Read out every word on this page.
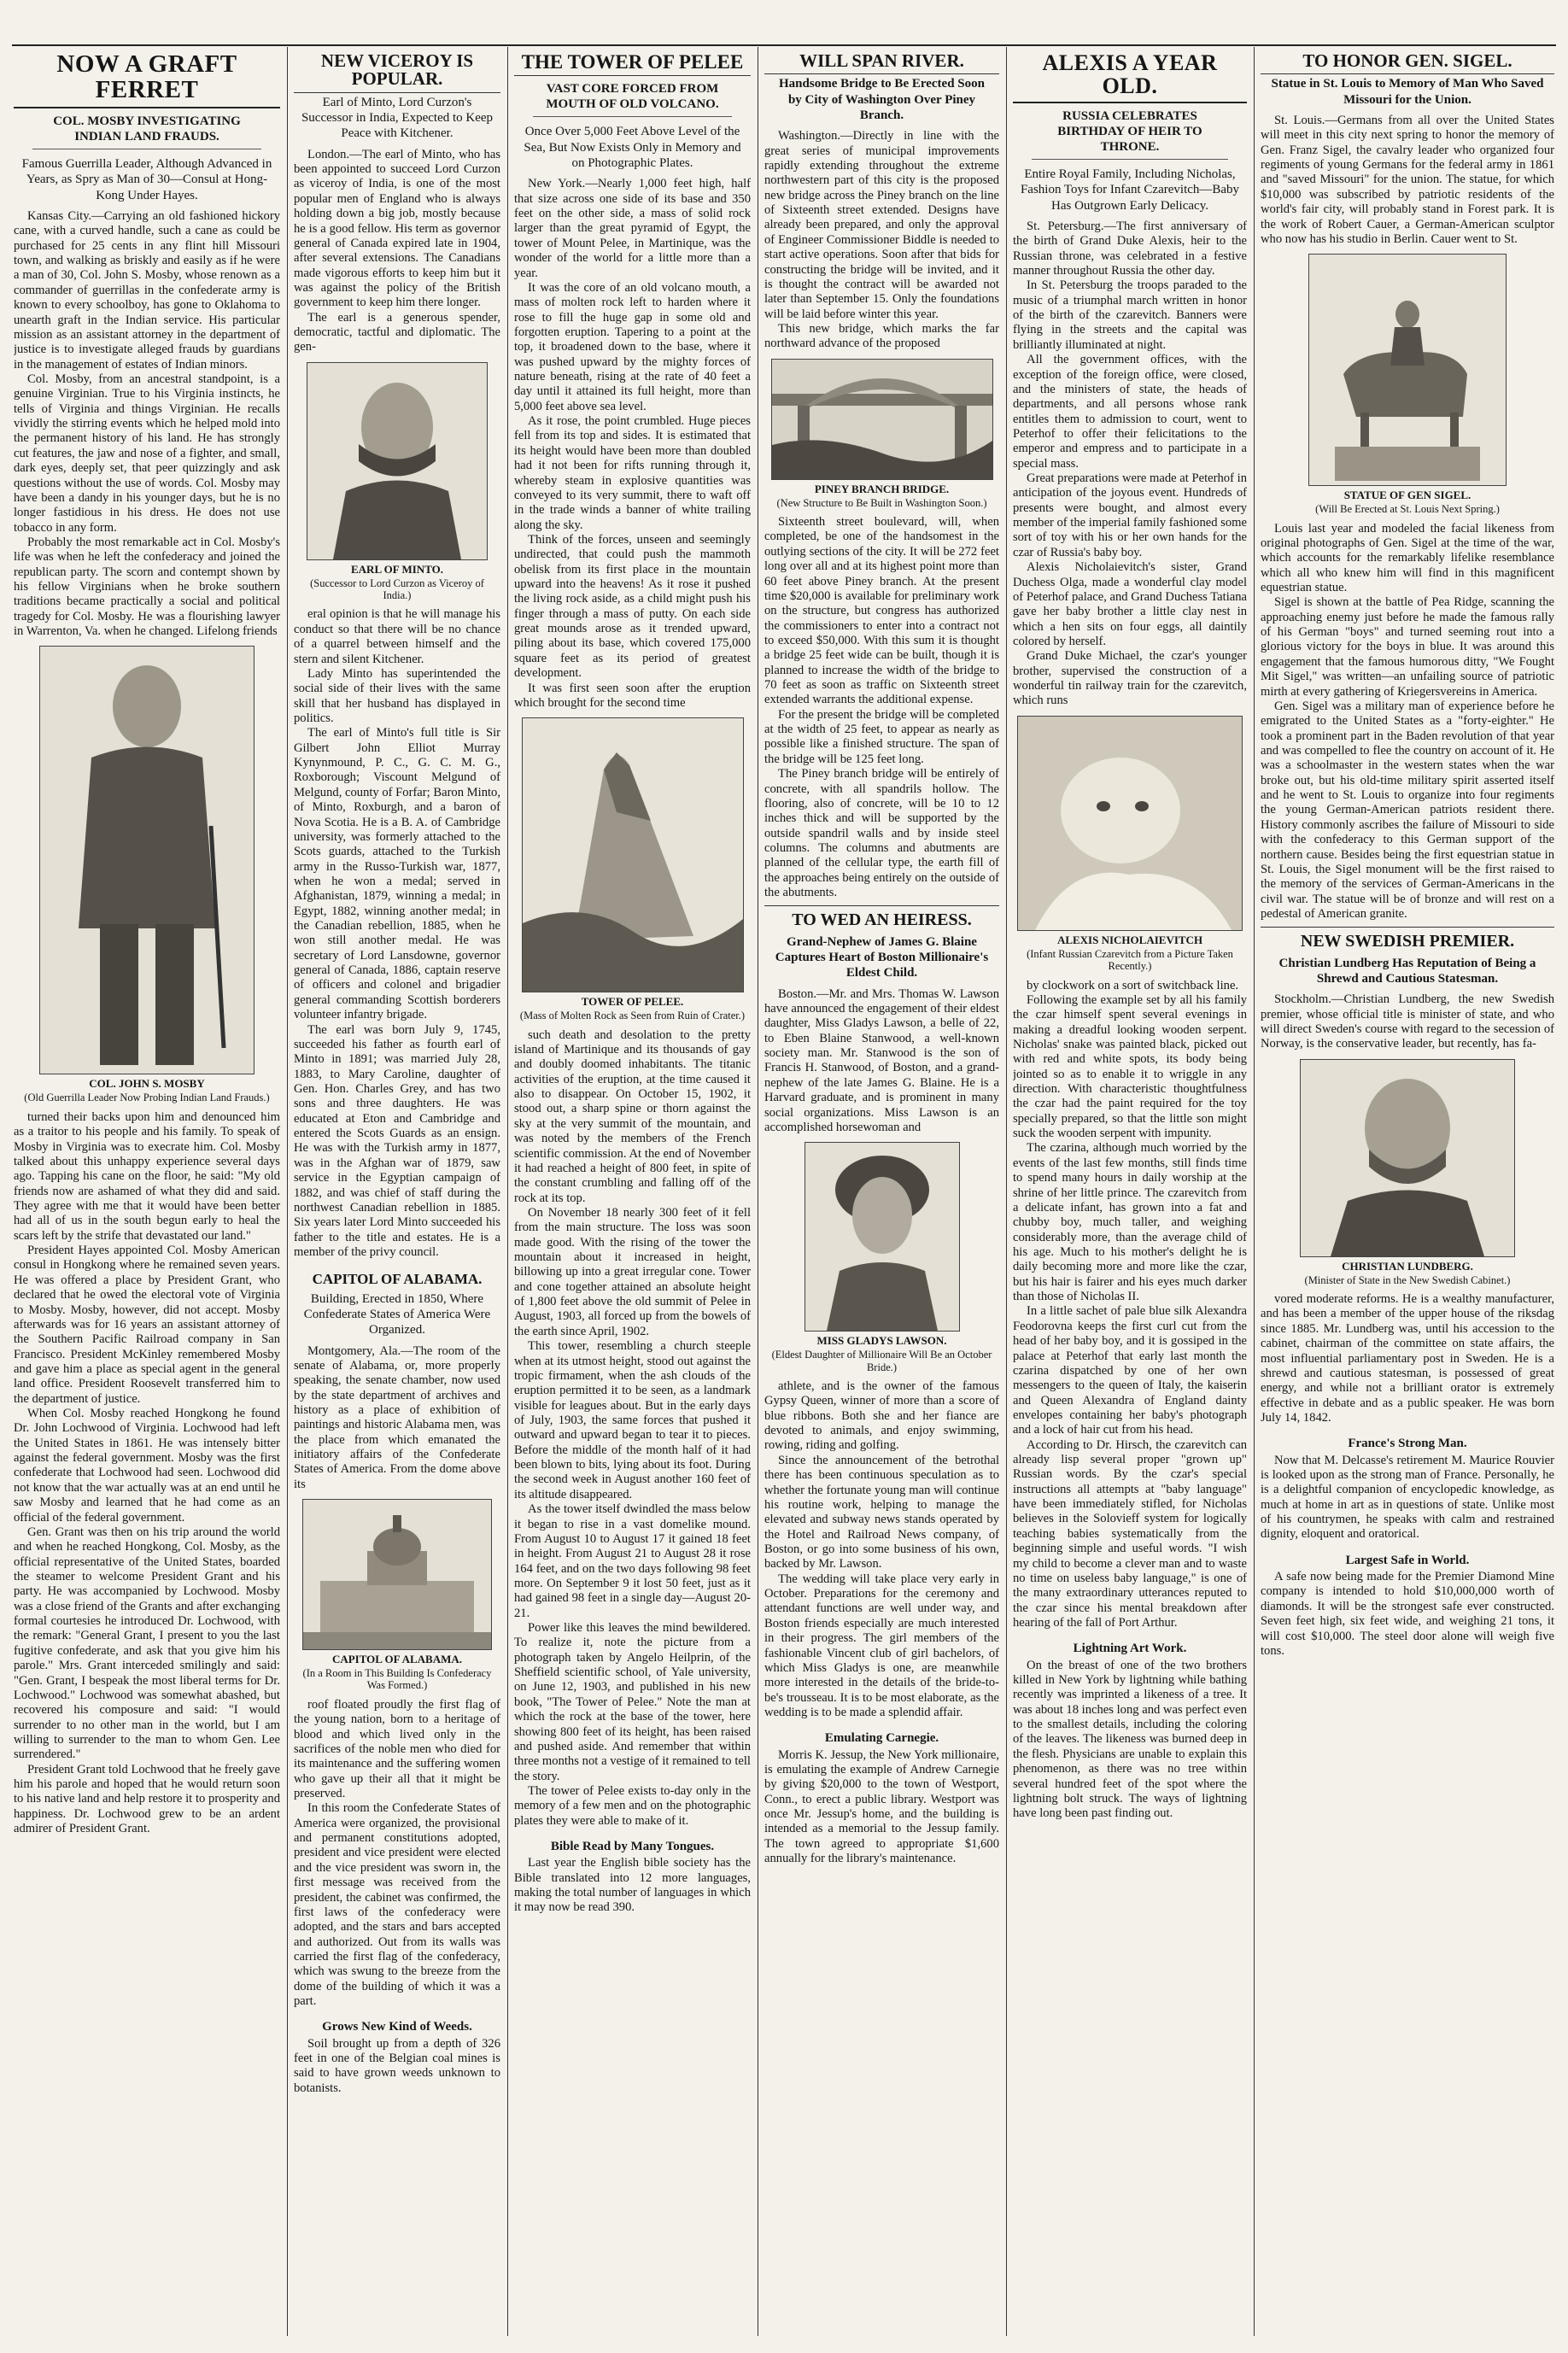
NOW A GRAFT FERRET
COL. MOSBY INVESTIGATING INDIAN LAND FRAUDS.
Famous Guerrilla Leader, Although Advanced in Years, as Spry as Man of 30—Consul at Hong-Kong Under Hayes.

Kansas City.—Carrying an old fashioned hickory cane, with a curved handle, such a cane as could be purchased for 25 cents in any flint hill Missouri town, and walking as briskly and easily as if he were a man of 30, Col. John S. Mosby, whose renown as a commander of guerrillas in the confederate army is known to every schoolboy, has gone to Oklahoma to unearth graft in the Indian service. His particular mission as an assistant attorney in the department of justice is to investigate alleged frauds by guardians in the management of estates of Indian minors.

Col. Mosby, from an ancestral standpoint, is a genuine Virginian. True to his Virginia instincts, he tells of Virginia and things Virginian. He recalls vividly the stirring events which he helped mold into the permanent history of his land. He has strongly cut features, the jaw and nose of a fighter, and small, dark eyes, deeply set, that peer quizzingly and ask questions without the use of words. Col. Mosby may have been a dandy in his younger days, but he is no longer fastidious in his dress. He does not use tobacco in any form.

Probably the most remarkable act in Col. Mosby's life was when he left the confederacy and joined the republican party. The scorn and contempt shown by his fellow Virginians when he broke southern traditions became practically a social and political tragedy for Col. Mosby. He was a flourishing lawyer in Warrenton, Va. when he changed. Lifelong friends

COL. JOHN S. MOSBY
(Old Guerrilla Leader Now Probing Indian Land Frauds.)

turned their backs upon him and denounced him as a traitor to his people and his family. To speak of Mosby in Virginia was to execrate him. Col. Mosby talked about this unhappy experience several days ago. Tapping his cane on the floor, he said: "My old friends now are ashamed of what they did and said. They agree with me that it would have been better had all of us in the south begun early to heal the scars left by the strife that devastated our land."

President Hayes appointed Col. Mosby American consul in Hongkong where he remained seven years. He was offered a place by President Grant, who declared that he owed the electoral vote of Virginia to Mosby. Mosby, however, did not accept. Mosby afterwards was for 16 years an assistant attorney of the Southern Pacific Railroad company in San Francisco. President McKinley remembered Mosby and gave him a place as special agent in the general land office. President Roosevelt transferred him to the department of justice.

When Col. Mosby reached Hongkong he found Dr. John Lochwood of Virginia. Lochwood had left the United States in 1861. He was intensely bitter against the federal government. Mosby was the first confederate that Lochwood had seen. Lochwood did not know that the war actually was at an end until he saw Mosby and learned that he had come as an official of the federal government.

Gen. Grant was then on his trip around the world and when he reached Hongkong, Col. Mosby, as the official representative of the United States, boarded the steamer to welcome President Grant and his party. He was accompanied by Lochwood. Mosby was a close friend of the Grants and after exchanging formal courtesies he introduced Dr. Lochwood, with the remark: "General Grant, I present to you the last fugitive confederate, and ask that you give him his parole." Mrs. Grant interceded smilingly and said: "Gen. Grant, I bespeak the most liberal terms for Dr. Lochwood." Lochwood was somewhat abashed, but recovered his composure and said: "I would surrender to no other man in the world, but I am willing to surrender to the man to whom Gen. Lee surrendered."

President Grant told Lochwood that he freely gave him his parole and hoped that he would return soon to his native land and help restore it to prosperity and happiness. Dr. Lochwood grew to be an ardent admirer of President Grant.

NEW VICEROY IS POPULAR.
Earl of Minto, Lord Curzon's Successor in India, Expected to Keep Peace with Kitchener.

London.—The earl of Minto, who has been appointed to succeed Lord Curzon as viceroy of India, is one of the most popular men of England who is always holding down a big job, mostly because he is a good fellow. His term as governor general of Canada expired late in 1904, after several extensions. The Canadians made vigorous efforts to keep him but it was against the policy of the British government to keep him there longer.

The earl is a generous spender, democratic, tactful and diplomatic. The gen-

EARL OF MINTO.
(Successor to Lord Curzon as Viceroy of India.)

eral opinion is that he will manage his conduct so that there will be no chance of a quarrel between himself and the stern and silent Kitchener.

Lady Minto has superintended the social side of their lives with the same skill that her husband has displayed in politics.

The earl of Minto's full title is Sir Gilbert John Elliot Murray Kynynmound, P. C., G. C. M. G., Roxborough; Viscount Melgund of Melgund, county of Forfar; Baron Minto, of Minto, Roxburgh, and a baron of Nova Scotia. He is a B. A. of Cambridge university, was formerly attached to the Scots guards, attached to the Turkish army in the Russo-Turkish war, 1877, when he won a medal; served in Afghanistan, 1879, winning a medal; in Egypt, 1882, winning another medal; in the Canadian rebellion, 1885, when he won still another medal. He was secretary of Lord Lansdowne, governor general of Canada, 1886, captain reserve of officers and colonel and brigadier general commanding Scottish borderers volunteer infantry brigade.

The earl was born July 9, 1745, succeeded his father as fourth earl of Minto in 1891; was married July 28, 1883, to Mary Caroline, daughter of Gen. Hon. Charles Grey, and has two sons and three daughters. He was educated at Eton and Cambridge and entered the Scots Guards as an ensign. He was with the Turkish army in 1877, was in the Afghan war of 1879, saw service in the Egyptian campaign of 1882, and was chief of staff during the northwest Canadian rebellion in 1885. Six years later Lord Minto succeeded his father to the title and estates. He is a member of the privy council.

CAPITOL OF ALABAMA.
Building, Erected in 1850, Where Confederate States of America Were Organized.

Montgomery, Ala.—The room of the senate of Alabama, or, more properly speaking, the senate chamber, now used by the state department of archives and history as a place of exhibition of paintings and historic Alabama men, was the place from which emanated the initiatory affairs of the Confederate States of America. From the dome above its

CAPITOL OF ALABAMA.
(In a Room in This Building Is Confederacy Was Formed.)

roof floated proudly the first flag of the young nation, born to a heritage of blood and which lived only in the sacrifices of the noble men who died for its maintenance and the suffering women who gave up their all that it might be preserved.

In this room the Confederate States of America were organized, the provisional and permanent constitutions adopted, president and vice president were elected and the vice president was sworn in, the first message was received from the president, the cabinet was confirmed, the first laws of the confederacy were adopted, and the stars and bars accepted and authorized. Out from its walls was carried the first flag of the confederacy, which was swung to the breeze from the dome of the building of which it was a part.

Grows New Kind of Weeds.

Soil brought up from a depth of 326 feet in one of the Belgian coal mines is said to have grown weeds unknown to botanists.

THE TOWER OF PELEE
VAST CORE FORCED FROM MOUTH OF OLD VOLCANO.
Once Over 5,000 Feet Above Level of the Sea, But Now Exists Only in Memory and on Photographic Plates.

New York.—Nearly 1,000 feet high, half that size across one side of its base and 350 feet on the other side, a mass of solid rock larger than the great pyramid of Egypt, the tower of Mount Pelee, in Martinique, was the wonder of the world for a little more than a year.

It was the core of an old volcano mouth, a mass of molten rock left to harden where it rose to fill the huge gap in some old and forgotten eruption. Tapering to a point at the top, it broadened down to the base, where it was pushed upward by the mighty forces of nature beneath, rising at the rate of 40 feet a day until it attained its full height, more than 5,000 feet above sea level.

As it rose, the point crumbled. Huge pieces fell from its top and sides. It is estimated that its height would have been more than doubled had it not been for rifts running through it, whereby steam in explosive quantities was conveyed to its very summit, there to waft off in the trade winds a banner of white trailing along the sky.

Think of the forces, unseen and seemingly undirected, that could push the mammoth obelisk from its first place in the mountain upward into the heavens! As it rose it pushed the living rock aside, as a child might push his finger through a mass of putty. On each side great mounds arose as it trended upward, piling about its base, which covered 175,000 square feet as its period of greatest development.

It was first seen soon after the eruption which brought for the second time

TOWER OF PELEE.
(Mass of Molten Rock as Seen from Ruin of Crater.)

such death and desolation to the pretty island of Martinique and its thousands of gay and doubly doomed inhabitants. The titanic activities of the eruption, at the time caused it also to disappear. On October 15, 1902, it stood out, a sharp spine or thorn against the sky at the very summit of the mountain, and was noted by the members of the French scientific commission. At the end of November it had reached a height of 800 feet, in spite of the constant crumbling and falling off of the rock at its top.

On November 18 nearly 300 feet of it fell from the main structure. The loss was soon made good. With the rising of the tower the mountain about it increased in height, billowing up into a great irregular cone. Tower and cone together attained an absolute height of 1,800 feet above the old summit of Pelee in August, 1903, all forced up from the bowels of the earth since April, 1902.

This tower, resembling a church steeple when at its utmost height, stood out against the tropic firmament, when the ash clouds of the eruption permitted it to be seen, as a landmark visible for leagues about. But in the early days of July, 1903, the same forces that pushed it outward and upward began to tear it to pieces. Before the middle of the month half of it had been blown to bits, lying about its foot. During the second week in August another 160 feet of its altitude disappeared.

As the tower itself dwindled the mass below it began to rise in a vast domelike mound. From August 10 to August 17 it gained 18 feet in height. From August 21 to August 28 it rose 164 feet, and on the two days following 98 feet more. On September 9 it lost 50 feet, just as it had gained 98 feet in a single day—August 20-21.

Power like this leaves the mind bewildered. To realize it, note the picture from a photograph taken by Angelo Heilprin, of the Sheffield scientific school, of Yale university, on June 12, 1903, and published in his new book, "The Tower of Pelee." Note the man at which the rock at the base of the tower, here showing 800 feet of its height, has been raised and pushed aside. And remember that within three months not a vestige of it remained to tell the story.

The tower of Pelee exists to-day only in the memory of a few men and on the photographic plates they were able to make of it.

Bible Read by Many Tongues.

Last year the English bible society has the Bible translated into 12 more languages, making the total number of languages in which it may now be read 390.

WILL SPAN RIVER.
Handsome Bridge to Be Erected Soon by City of Washington Over Piney Branch.

Washington.—Directly in line with the great series of municipal improvements rapidly extending throughout the extreme northwestern part of this city is the proposed new bridge across the Piney branch on the line of Sixteenth street extended. Designs have already been prepared, and only the approval of Engineer Commissioner Biddle is needed to start active operations. Soon after that bids for constructing the bridge will be invited, and it is thought the contract will be awarded not later than September 15. Only the foundations will be laid before winter this year.

This new bridge, which marks the far northward advance of the proposed

PINEY BRANCH BRIDGE.
(New Structure to Be Built in Washington Soon.)

Sixteenth street boulevard, will, when completed, be one of the handsomest in the outlying sections of the city. It will be 272 feet long over all and at its highest point more than 60 feet above Piney branch. At the present time $20,000 is available for preliminary work on the structure, but congress has authorized the commissioners to enter into a contract not to exceed $50,000. With this sum it is thought a bridge 25 feet wide can be built, though it is planned to increase the width of the bridge to 70 feet as soon as traffic on Sixteenth street extended warrants the additional expense.

For the present the bridge will be completed at the width of 25 feet, to appear as nearly as possible like a finished structure. The span of the bridge will be 125 feet long.

The Piney branch bridge will be entirely of concrete, with all spandrils hollow. The flooring, also of concrete, will be 10 to 12 inches thick and will be supported by the outside spandril walls and by inside steel columns. The columns and abutments are planned of the cellular type, the earth fill of the approaches being entirely on the outside of the abutments.

TO WED AN HEIRESS.
Grand-Nephew of James G. Blaine Captures Heart of Boston Millionaire's Eldest Child.

Boston.—Mr. and Mrs. Thomas W. Lawson have announced the engagement of their eldest daughter, Miss Gladys Lawson, a belle of 22, to Eben Blaine Stanwood, a well-known society man. Mr. Stanwood is the son of Francis H. Stanwood, of Boston, and a grand-nephew of the late James G. Blaine. He is a Harvard graduate, and is prominent in many social organizations. Miss Lawson is an accomplished horsewoman and

MISS GLADYS LAWSON.
(Eldest Daughter of Millionaire Will Be an October Bride.)

athlete, and is the owner of the famous Gypsy Queen, winner of more than a score of blue ribbons. Both she and her fiance are devoted to animals, and enjoy swimming, rowing, riding and golfing.

Since the announcement of the betrothal there has been continuous speculation as to whether the fortunate young man will continue his routine work, helping to manage the elevated and subway news stands operated by the Hotel and Railroad News company, of Boston, or go into some business of his own, backed by Mr. Lawson.

The wedding will take place very early in October. Preparations for the ceremony and attendant functions are well under way, and Boston friends especially are much interested in their progress. The girl members of the fashionable Vincent club of girl bachelors, of which Miss Gladys is one, are meanwhile more interested in the details of the bride-to-be's trousseau. It is to be most elaborate, as the wedding is to be made a splendid affair.

Emulating Carnegie.

Morris K. Jessup, the New York millionaire, is emulating the example of Andrew Carnegie by giving $20,000 to the town of Westport, Conn., to erect a public library. Westport was once Mr. Jessup's home, and the building is intended as a memorial to the Jessup family. The town agreed to appropriate $1,600 annually for the library's maintenance.

ALEXIS A YEAR OLD.
RUSSIA CELEBRATES BIRTHDAY OF HEIR TO THRONE.
Entire Royal Family, Including Nicholas, Fashion Toys for Infant Czarevitch—Baby Has Outgrown Early Delicacy.

St. Petersburg.—The first anniversary of the birth of Grand Duke Alexis, heir to the Russian throne, was celebrated in a festive manner throughout Russia the other day.

In St. Petersburg the troops paraded to the music of a triumphal march written in honor of the birth of the czarevitch. Banners were flying in the streets and the capital was brilliantly illuminated at night.

All the government offices, with the exception of the foreign office, were closed, and the ministers of state, the heads of departments, and all persons whose rank entitles them to admission to court, went to Peterhof to offer their felicitations to the emperor and empress and to participate in a special mass.

Great preparations were made at Peterhof in anticipation of the joyous event. Hundreds of presents were bought, and almost every member of the imperial family fashioned some sort of toy with his or her own hands for the czar of Russia's baby boy.

Alexis Nicholaievitch's sister, Grand Duchess Olga, made a wonderful clay model of Peterhof palace, and Grand Duchess Tatiana gave her baby brother a little clay nest in which a hen sits on four eggs, all daintily colored by herself.

Grand Duke Michael, the czar's younger brother, supervised the construction of a wonderful tin railway train for the czarevitch, which runs

ALEXIS NICHOLAIEVITCH
(Infant Russian Czarevitch from a Picture Taken Recently.)

by clockwork on a sort of switchback line.

Following the example set by all his family the czar himself spent several evenings in making a dreadful looking wooden serpent. Nicholas' snake was painted black, picked out with red and white spots, its body being jointed so as to enable it to wriggle in any direction. With characteristic thoughtfulness the czar had the paint required for the toy specially prepared, so that the little son might suck the wooden serpent with impunity.

The czarina, although much worried by the events of the last few months, still finds time to spend many hours in daily worship at the shrine of her little prince. The czarevitch from a delicate infant, has grown into a fat and chubby boy, much taller, and weighing considerably more, than the average child of his age. Much to his mother's delight he is daily becoming more and more like the czar, but his hair is fairer and his eyes much darker than those of Nicholas II.

In a little sachet of pale blue silk Alexandra Feodorovna keeps the first curl cut from the head of her baby boy, and it is gossiped in the palace at Peterhof that early last month the czarina dispatched by one of her own messengers to the queen of Italy, the kaiserin and Queen Alexandra of England dainty envelopes containing her baby's photograph and a lock of hair cut from his head.

According to Dr. Hirsch, the czarevitch can already lisp several proper "grown up" Russian words. By the czar's special instructions all attempts at "baby language" have been immediately stifled, for Nicholas believes in the Solovieff system for logically teaching babies systematically from the beginning simple and useful words. "I wish my child to become a clever man and to waste no time on useless baby language," is one of the many extraordinary utterances reputed to the czar since his mental breakdown after hearing of the fall of Port Arthur.

Lightning Art Work.

On the breast of one of the two brothers killed in New York by lightning while bathing recently was imprinted a likeness of a tree. It was about 18 inches long and was perfect even to the smallest details, including the coloring of the leaves. The likeness was burned deep in the flesh. Physicians are unable to explain this phenomenon, as there was no tree within several hundred feet of the spot where the lightning bolt struck. The ways of lightning have long been past finding out.

TO HONOR GEN. SIGEL.
Statue in St. Louis to Memory of Man Who Saved Missouri for the Union.

St. Louis.—Germans from all over the United States will meet in this city next spring to honor the memory of Gen. Franz Sigel, the cavalry leader who organized four regiments of young Germans for the federal army in 1861 and "saved Missouri" for the union. The statue, for which $10,000 was subscribed by patriotic residents of the world's fair city, will probably stand in Forest park. It is the work of Robert Cauer, a German-American sculptor who now has his studio in Berlin. Cauer went to St.

STATUE OF GEN SIGEL.
(Will Be Erected at St. Louis Next Spring.)

Louis last year and modeled the facial likeness from original photographs of Gen. Sigel at the time of the war, which accounts for the remarkably lifelike resemblance which all who knew him will find in this magnificent equestrian statue.

Sigel is shown at the battle of Pea Ridge, scanning the approaching enemy just before he made the famous rally of his German "boys" and turned seeming rout into a glorious victory for the boys in blue. It was around this engagement that the famous humorous ditty, "We Fought Mit Sigel," was written—an unfailing source of patriotic mirth at every gathering of Kriegersvereins in America.

Gen. Sigel was a military man of experience before he emigrated to the United States as a "forty-eighter." He took a prominent part in the Baden revolution of that year and was compelled to flee the country on account of it. He was a schoolmaster in the western states when the war broke out, but his old-time military spirit asserted itself and he went to St. Louis to organize into four regiments the young German-American patriots resident there. History commonly ascribes the failure of Missouri to side with the confederacy to this German support of the northern cause. Besides being the first equestrian statue in St. Louis, the Sigel monument will be the first raised to the memory of the services of German-Americans in the civil war. The statue will be of bronze and will rest on a pedestal of American granite.

NEW SWEDISH PREMIER.
Christian Lundberg Has Reputation of Being a Shrewd and Cautious Statesman.

Stockholm.—Christian Lundberg, the new Swedish premier, whose official title is minister of state, and who will direct Sweden's course with regard to the secession of Norway, is the conservative leader, but recently, has fa-

CHRISTIAN LUNDBERG.
(Minister of State in the New Swedish Cabinet.)

vored moderate reforms. He is a wealthy manufacturer, and has been a member of the upper house of the riksdag since 1885. Mr. Lundberg was, until his accession to the cabinet, chairman of the committee on state affairs, the most influential parliamentary post in Sweden. He is a shrewd and cautious statesman, is possessed of great energy, and while not a brilliant orator is extremely effective in debate and as a public speaker. He was born July 14, 1842.

France's Strong Man.

Now that M. Delcasse's retirement M. Maurice Rouvier is looked upon as the strong man of France. Personally, he is a delightful companion of encyclopedic knowledge, as much at home in art as in questions of state. Unlike most of his countrymen, he speaks with calm and restrained dignity, eloquent and oratorical.

Largest Safe in World.

A safe now being made for the Premier Diamond Mine company is intended to hold $10,000,000 worth of diamonds. It will be the strongest safe ever constructed. Seven feet high, six feet wide, and weighing 21 tons, it will cost $10,000. The steel door alone will weigh five tons.
